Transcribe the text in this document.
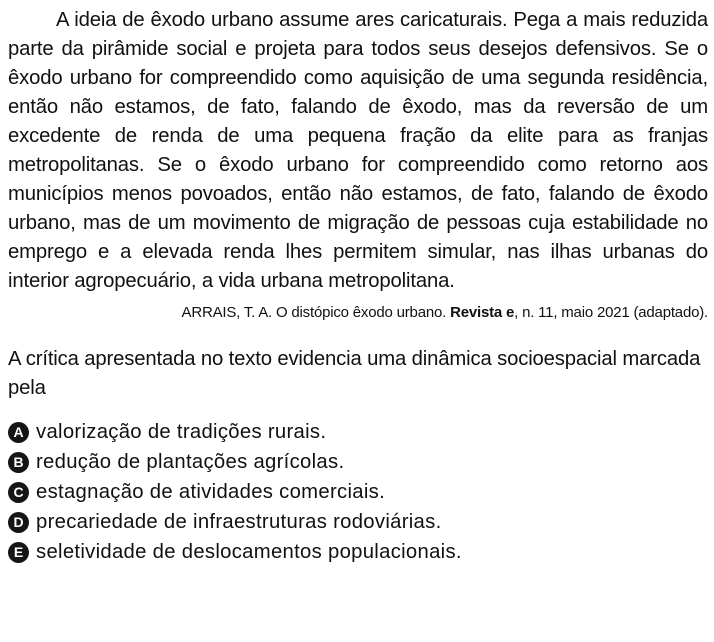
A ideia de êxodo urbano assume ares caricaturais. Pega a mais reduzida parte da pirâmide social e projeta para todos seus desejos defensivos. Se o êxodo urbano for compreendido como aquisição de uma segunda residência, então não estamos, de fato, falando de êxodo, mas da reversão de um excedente de renda de uma pequena fração da elite para as franjas metropolitanas. Se o êxodo urbano for compreendido como retorno aos municípios menos povoados, então não estamos, de fato, falando de êxodo urbano, mas de um movimento de migração de pessoas cuja estabilidade no emprego e a elevada renda lhes permitem simular, nas ilhas urbanas do interior agropecuário, a vida urbana metropolitana.

ARRAIS, T. A. O distópico êxodo urbano. Revista e, n. 11, maio 2021 (adaptado).

A crítica apresentada no texto evidencia uma dinâmica socioespacial marcada pela

A valorização de tradições rurais.
B redução de plantações agrícolas.
C estagnação de atividades comerciais.
D precariedade de infraestruturas rodoviárias.
E seletividade de deslocamentos populacionais.
